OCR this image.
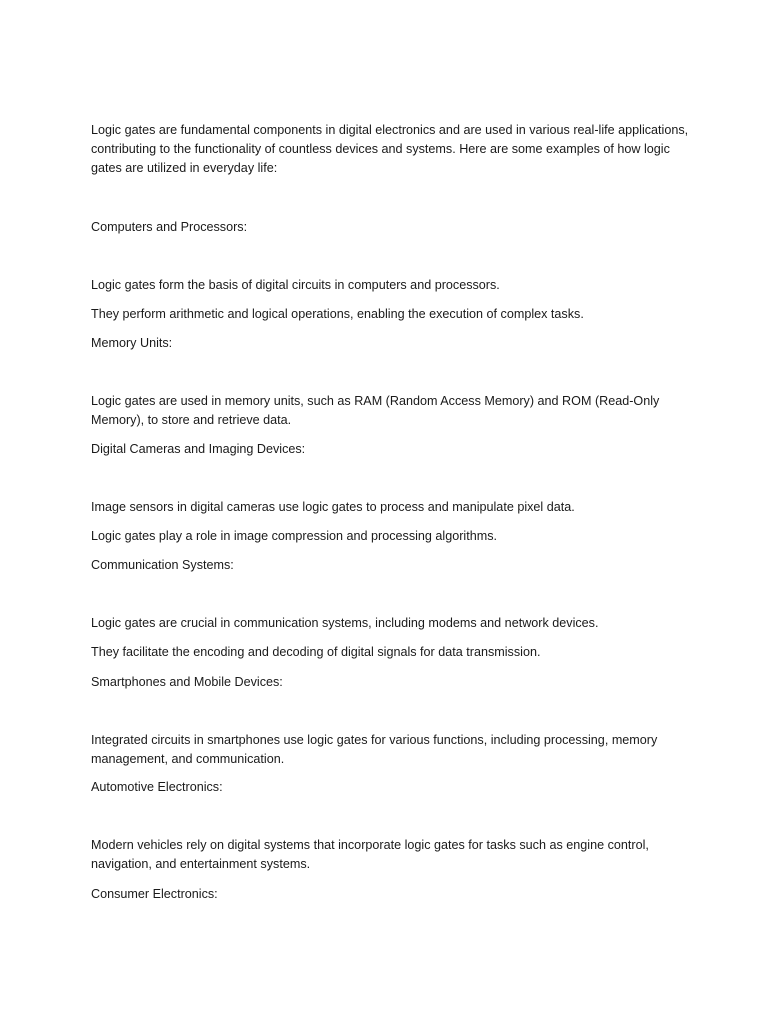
Logic gates are fundamental components in digital electronics and are used in various real-life applications, contributing to the functionality of countless devices and systems. Here are some examples of how logic gates are utilized in everyday life:

Computers and Processors:

Logic gates form the basis of digital circuits in computers and processors.

They perform arithmetic and logical operations, enabling the execution of complex tasks.

Memory Units:

Logic gates are used in memory units, such as RAM (Random Access Memory) and ROM (Read-Only Memory), to store and retrieve data.

Digital Cameras and Imaging Devices:

Image sensors in digital cameras use logic gates to process and manipulate pixel data.

Logic gates play a role in image compression and processing algorithms.

Communication Systems:

Logic gates are crucial in communication systems, including modems and network devices.

They facilitate the encoding and decoding of digital signals for data transmission.

Smartphones and Mobile Devices:

Integrated circuits in smartphones use logic gates for various functions, including processing, memory management, and communication.

Automotive Electronics:

Modern vehicles rely on digital systems that incorporate logic gates for tasks such as engine control, navigation, and entertainment systems.

Consumer Electronics:
